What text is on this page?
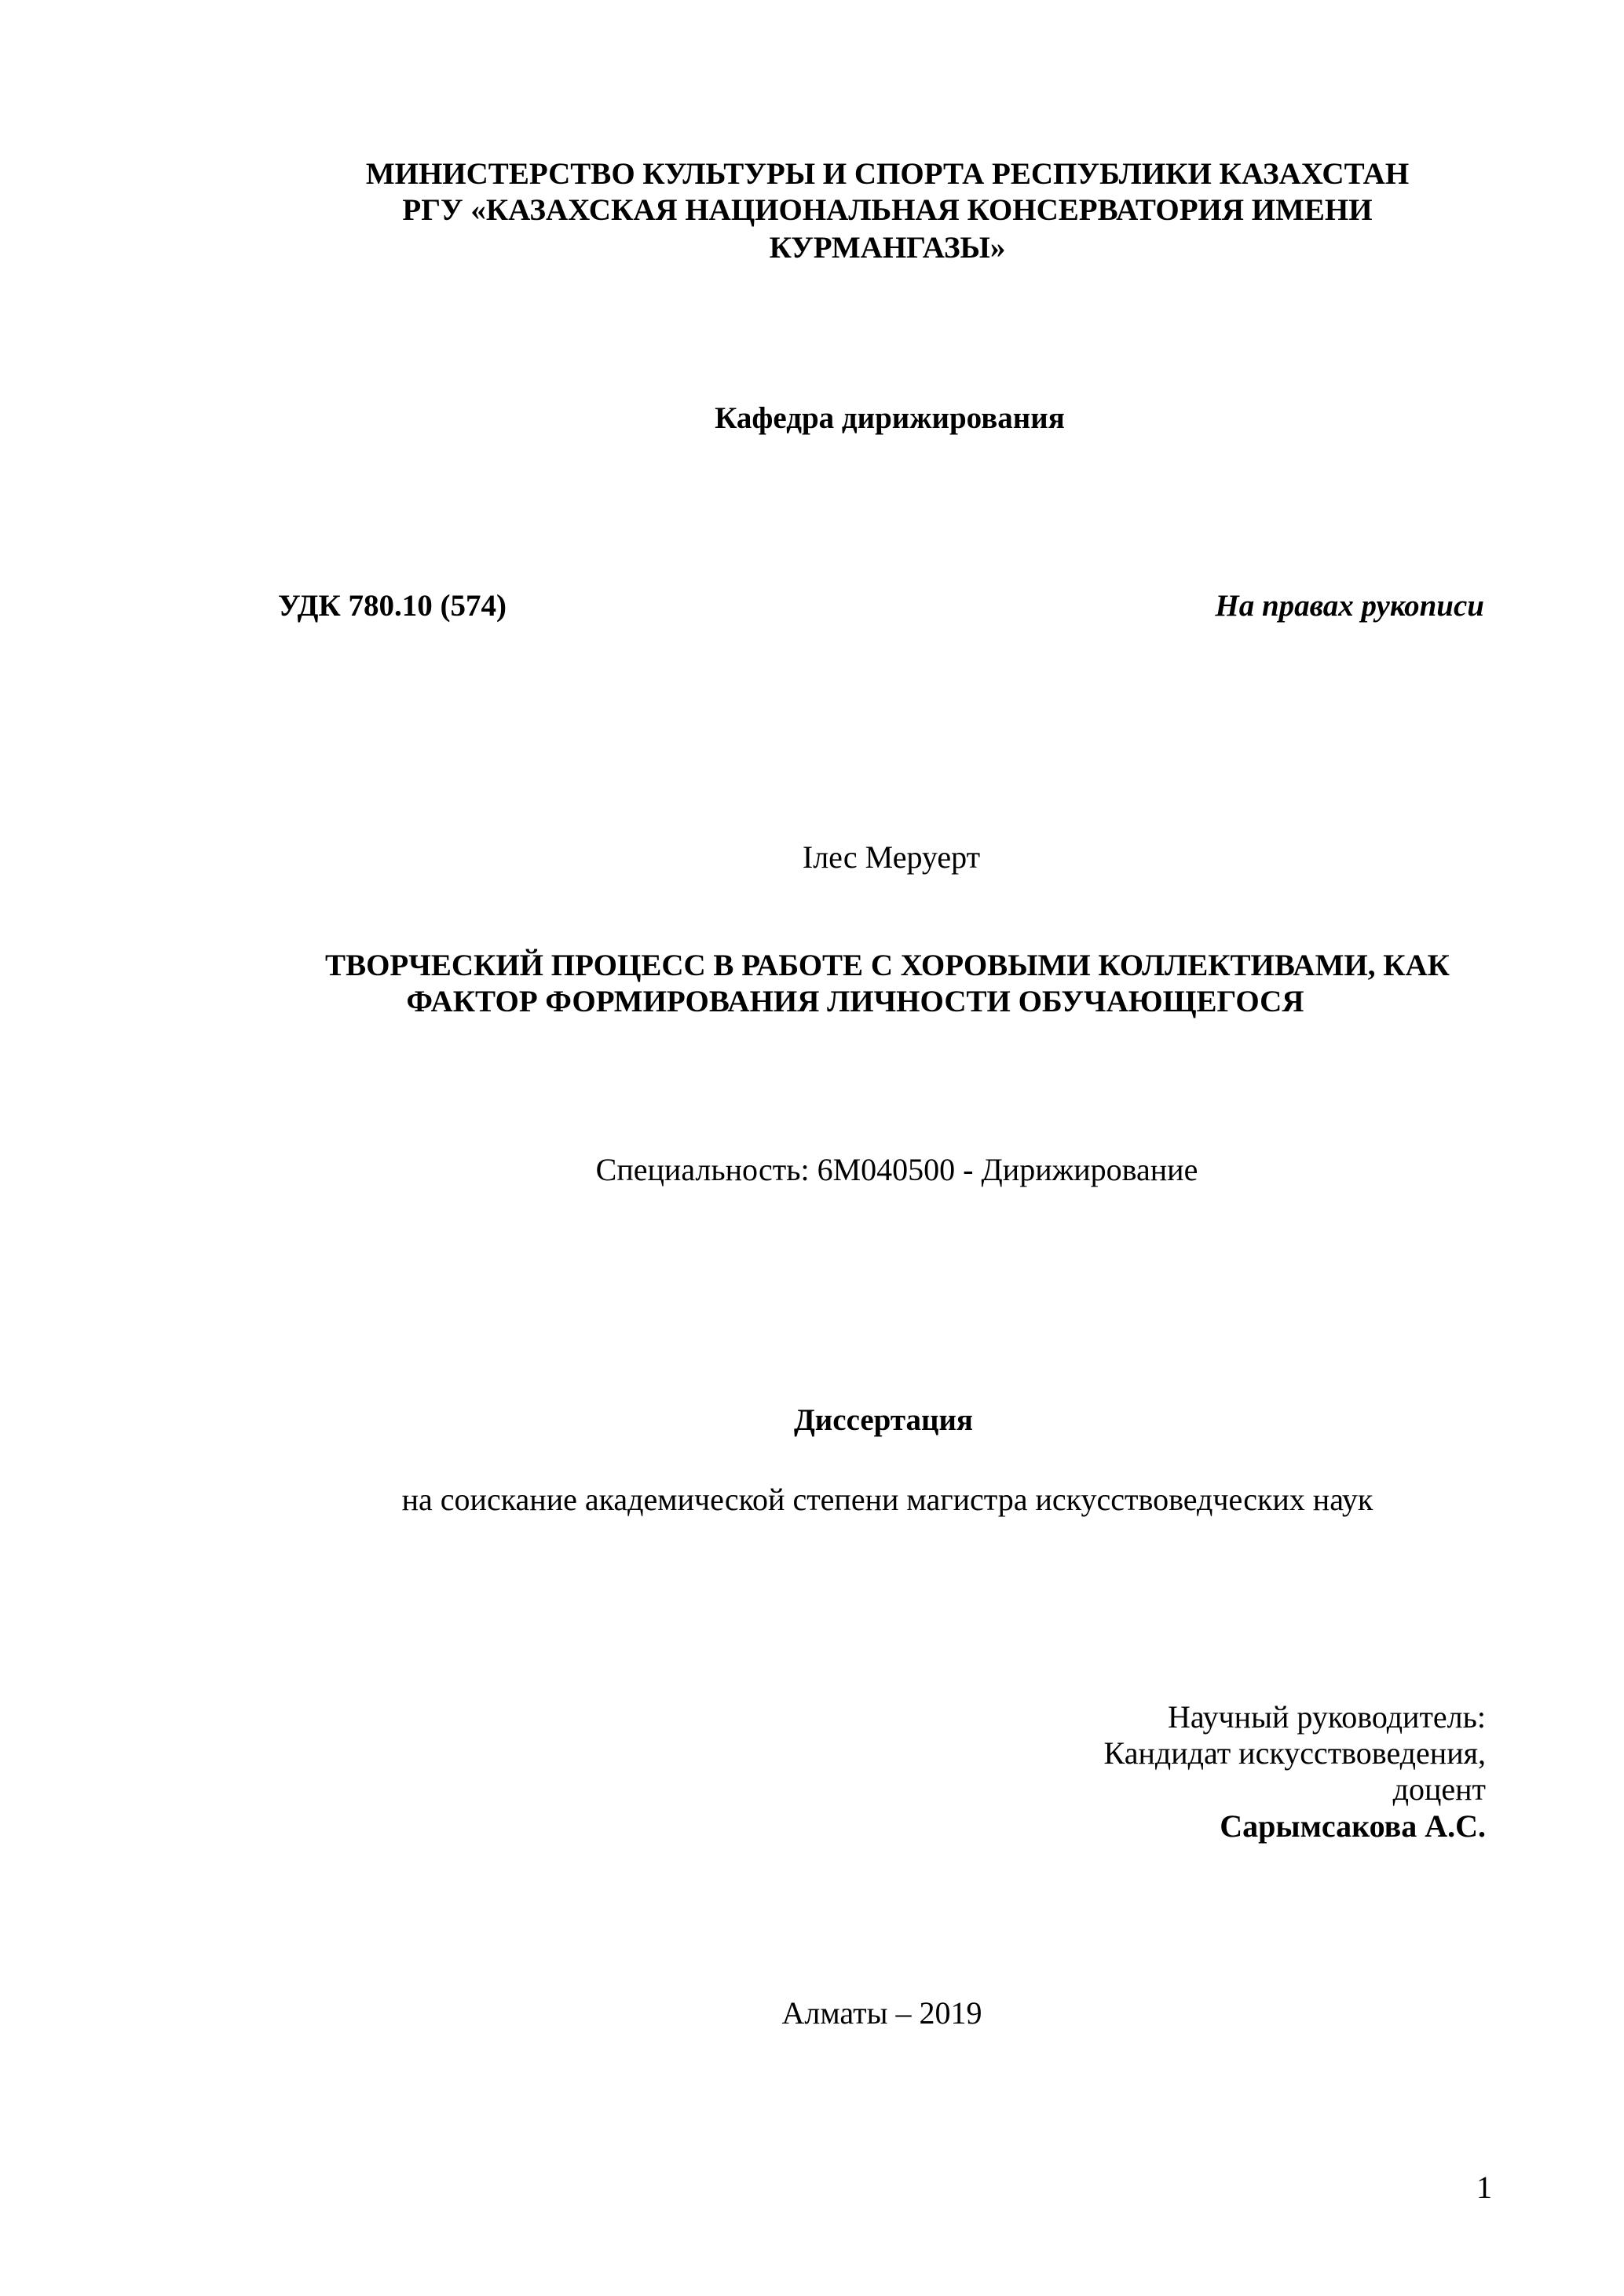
МИНИСТЕРСТВО КУЛЬТУРЫ И СПОРТА РЕСПУБЛИКИ КАЗАХСТАН
РГУ «КАЗАХСКАЯ НАЦИОНАЛЬНАЯ КОНСЕРВАТОРИЯ ИМЕНИ
КУРМАНГАЗЫ»
Кафедра дирижирования
УДК 780.10 (574)	На правах рукописи
Ілес Меруерт
ТВОРЧЕСКИЙ ПРОЦЕСС В РАБОТЕ С ХОРОВЫМИ КОЛЛЕКТИВАМИ, КАК
ФАКТОР ФОРМИРОВАНИЯ ЛИЧНОСТИ ОБУЧАЮЩЕГОСЯ
Специальность: 6М040500 - Дирижирование
Диссертация
на соискание академической степени магистра искусствоведческих наук
Научный руководитель:
Кандидат искусствоведения,
доцент
Сарымсакова А.С.
Алматы – 2019
1
